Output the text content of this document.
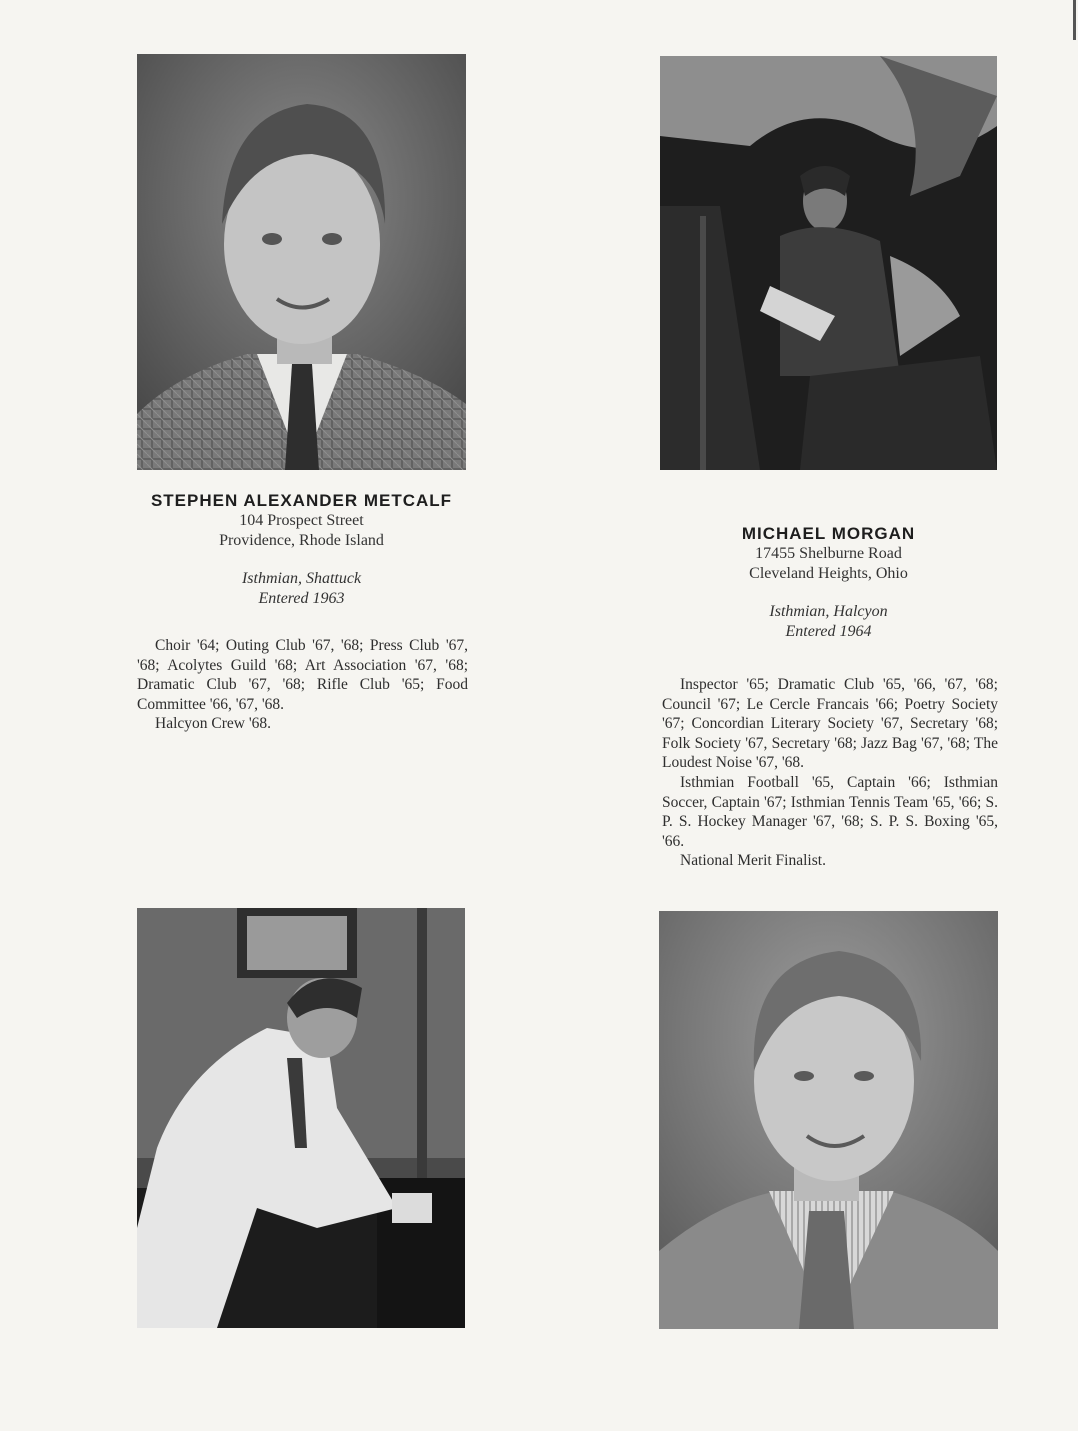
STEPHEN ALEXANDER METCALF
104 Prospect Street
Providence, Rhode Island
Isthmian, Shattuck
Entered 1963

Choir '64; Outing Club '67, '68; Press Club '67, '68; Acolytes Guild '68; Art Association '67, '68; Dramatic Club '67, '68; Rifle Club '65; Food Committee '66, '67, '68.

Halcyon Crew '68.

MICHAEL MORGAN
17455 Shelburne Road
Cleveland Heights, Ohio
Isthmian, Halcyon
Entered 1964

Inspector '65; Dramatic Club '65, '66, '67, '68; Council '67; Le Cercle Francais '66; Poetry Society '67; Concordian Literary Society '67, Secretary '68; Folk Society '67, Secretary '68; Jazz Bag '67, '68; The Loudest Noise '67, '68.

Isthmian Football '65, Captain '66; Isthmian Soccer, Captain '67; Isthmian Tennis Team '65, '66; S. P. S. Hockey Manager '67, '68; S. P. S. Boxing '65, '66.

National Merit Finalist.
